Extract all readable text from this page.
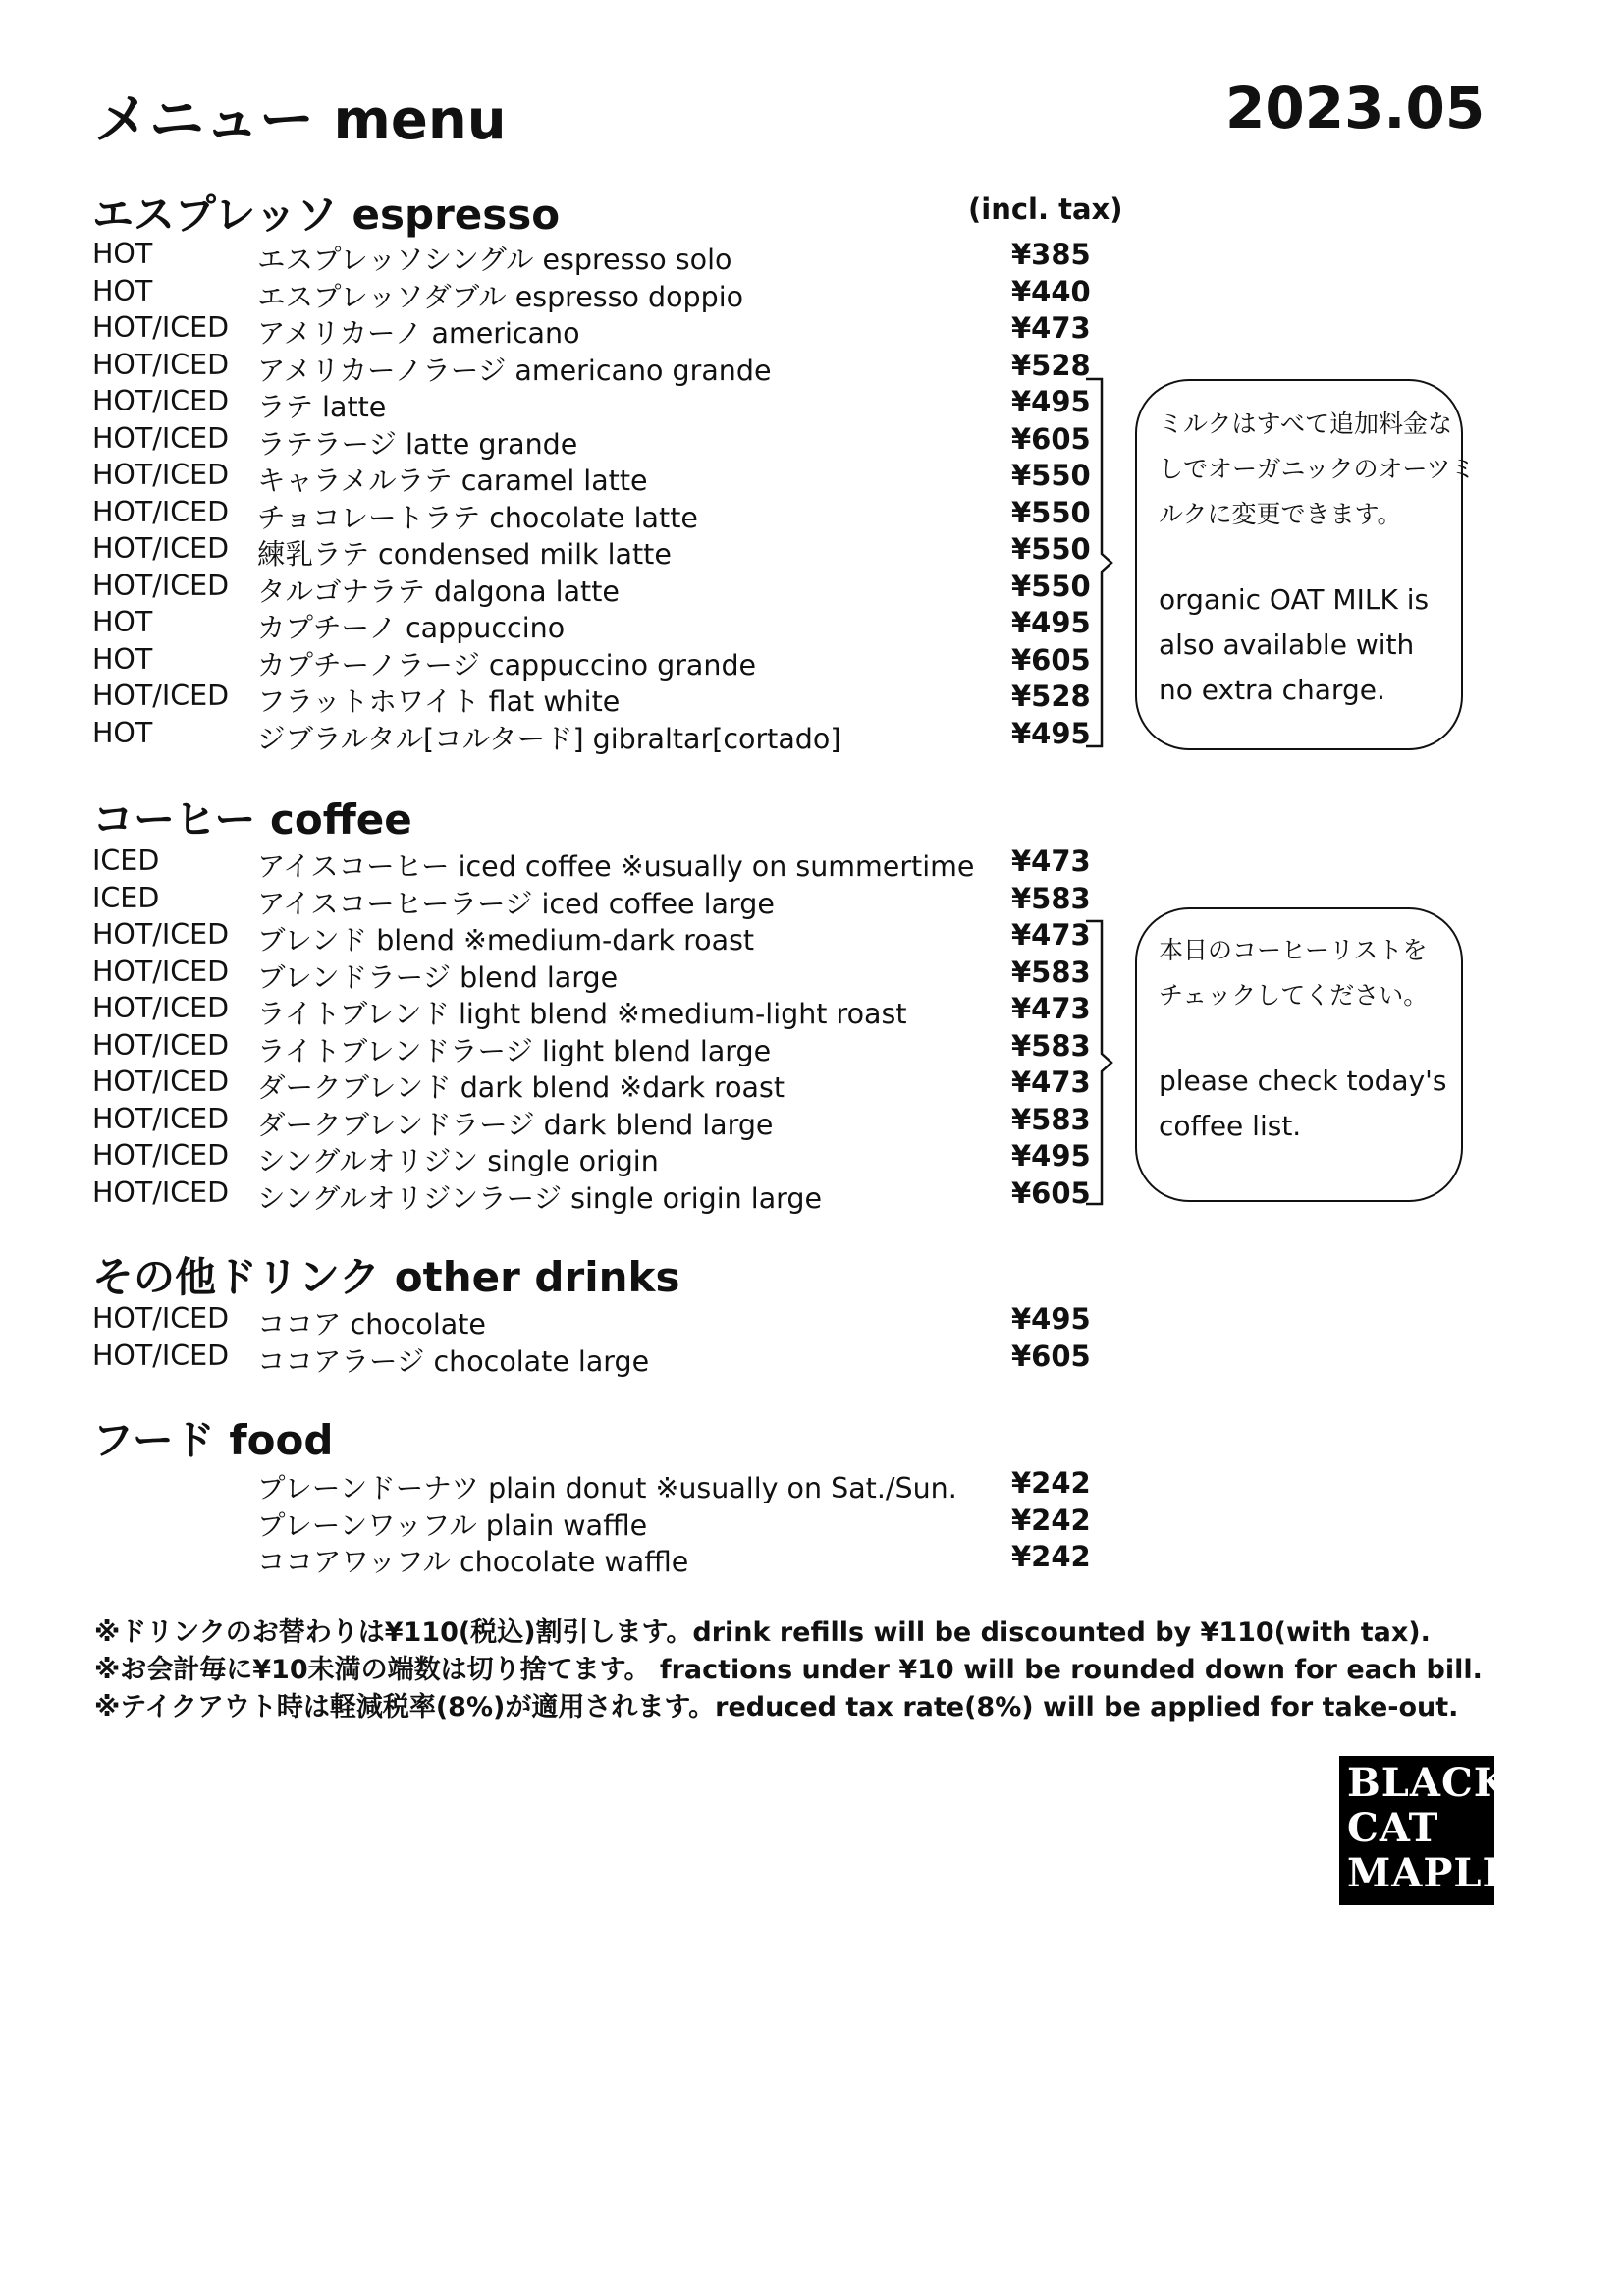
メニュー menu	2023.05
エスプレッソ espresso	(incl. tax)
HOT	エスプレッソシングル espresso solo	¥385
HOT	エスプレッソダブル espresso doppio	¥440
HOT/ICED アメリカーノ americano	¥473
HOT/ICED アメリカーノラージ americano grande	¥528
HOT/ICED ラテ latte	¥495
HOT/ICED ラテラージ latte grande	¥605
HOT/ICED キャラメルラテ caramel latte	¥550
HOT/ICED チョコレートラテ chocolate latte	¥550
HOT/ICED 練乳ラテ condensed milk latte	¥550
HOT/ICED タルゴナラテ dalgona latte	¥550
HOT	カプチーノ cappuccino	¥495
HOT	カプチーノラージ cappuccino grande	¥605
HOT/ICED フラットホワイト flat white	¥528
HOT	ジブラルタル[コルタード] gibraltar[cortado]	¥495
ミルクはすべて追加料金な
しでオーガニックのオーツミ
ルクに変更できます。
organic OAT MILK is
also available with
no extra charge.
コーヒー coffee
ICED	アイスコーヒー iced coffee ※usually on summertime ¥473
ICED	アイスコーヒーラージ iced coffee large	¥583
HOT/ICED ブレンド blend ※medium-dark roast	¥473
HOT/ICED ブレンドラージ blend large	¥583
HOT/ICED ライトブレンド light blend ※medium-light roast	¥473
HOT/ICED ライトブレンドラージ light blend large	¥583
HOT/ICED ダークブレンド dark blend ※dark roast	¥473
HOT/ICED ダークブレンドラージ dark blend large	¥583
HOT/ICED シングルオリジン single origin	¥495
HOT/ICED シングルオリジンラージ single origin large	¥605
本日のコーヒーリストを
チェックしてください。
please check today's
coffee list.
その他ドリンク other drinks
HOT/ICED ココア chocolate	¥495
HOT/ICED ココアラージ chocolate large	¥605
フード food
プレーンドーナツ plain donut ※usually on Sat./Sun. ¥242
プレーンワッフル plain waffle	¥242
ココアワッフル chocolate waffle	¥242
※ドリンクのお替わりは¥110(税込)割引します。drink refills will be discounted by ¥110(with tax).
※お会計毎に¥10未満の端数は切り捨てます。 fractions under ¥10 will be rounded down for each bill.
※テイクアウト時は軽減税率(8%)が適用されます。reduced tax rate(8%) will be applied for take-out.
BLACK
CAT
MAPLE
